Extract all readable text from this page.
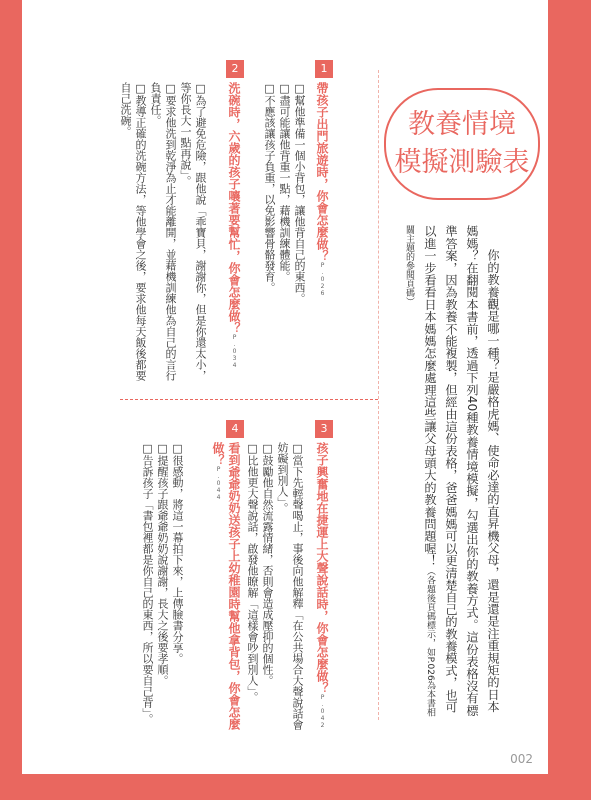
教養情境
模擬測驗表

你的教養觀是哪一種？是嚴格虎媽、使命必達的直昇機父母，還是還是注重規矩的日本媽媽？在翻閱本書前，透過下列40種教養情境模擬，勾選出你的教養方式。這份表格沒有標準答案，因為教養不能複製，但經由這份表格，爸爸媽媽可以更清楚自己的教養模式，也可以進一步看看日本媽媽怎麼處理這些讓父母頭大的教養問題喔！（各題後頁碼標示，如P.026為本書相關主題的參閱頁碼）

1
帶孩子出門旅遊時，你會怎麼做？P.026

□幫他準備一個小背包，讓他背自己的東西。

□盡可能讓他背重一點，藉機訓練體能。

□不應該讓孩子負重，以免影響骨骼發育。

2
洗碗時，六歲的孩子嚷著要幫忙，你會怎麼做？P.034

□為了避免危險，跟他說「乖寶貝，謝謝你，但是你還太小，等你長大一點再說」。

□要求他洗到乾淨為止才能離開，並藉機訓練他為自己的言行負責任。

□教導正確的洗碗方法，等他學會之後，要求他每天飯後都要自己洗碗。

3
孩子興奮地在捷運上大聲說話時，你會怎麼做？P.042

□當下先輕聲喝止，事後向他解釋「在公共場合大聲說話會妨礙到別人」。

□鼓勵他自然流露情緒，否則會造成壓抑的個性。

□比他更大聲說話，啟發他瞭解「這樣會吵到別人」。

4
看到爺爺奶奶送孩子上幼稚園時幫他拿背包，你會怎麼做？P.044

□很感動，將這一幕拍下來，上傳臉書分享。

□提醒孩子跟爺爺奶奶說謝謝，長大之後要孝順。

□告訴孩子「書包裡都是你自己的東西，所以要自己背」。

002
